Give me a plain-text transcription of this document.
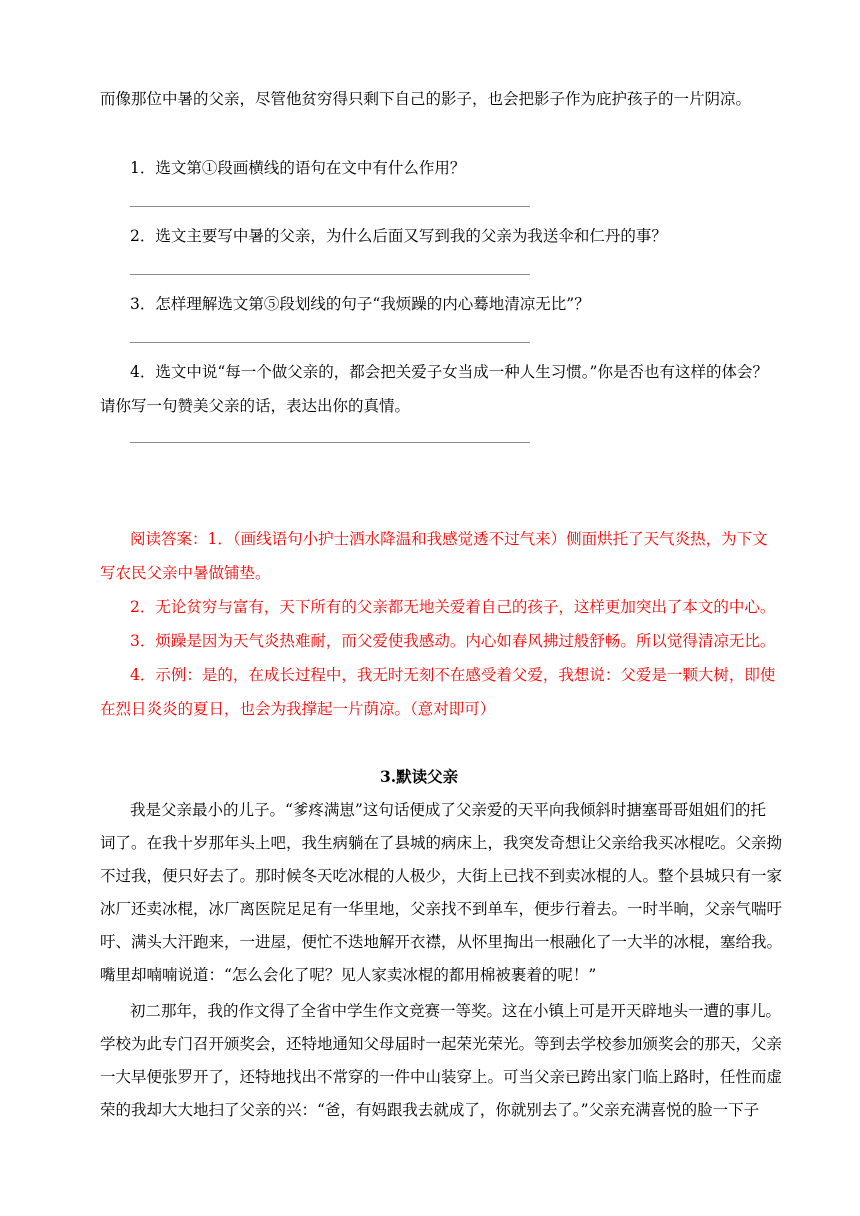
而像那位中暑的父亲，尽管他贫穷得只剩下自己的影子，也会把影子作为庇护孩子的一片阴凉。
1．选文第①段画横线的语句在文中有什么作用？
2．选文主要写中暑的父亲，为什么后面又写到我的父亲为我送伞和仁丹的事？
3．怎样理解选文第⑤段划线的句子“我烦躁的内心蓦地清凉无比”？
4．选文中说“每一个做父亲的，都会把关爱子女当成一种人生习惯。”你是否也有这样的体会？
请你写一句赞美父亲的话，表达出你的真情。
阅读答案：1．（画线语句小护士洒水降温和我感觉透不过气来）侧面烘托了天气炎热，为下文
写农民父亲中暑做铺垫。
2．无论贫穷与富有，天下所有的父亲都无地关爱着自己的孩子，这样更加突出了本文的中心。
3．烦躁是因为天气炎热难耐，而父爱使我感动。内心如春风拂过般舒畅。所以觉得清凉无比。
4．示例：是的，在成长过程中，我无时无刻不在感受着父爱，我想说：父爱是一颗大树，即使
在烈日炎炎的夏日，也会为我撑起一片荫凉。（意对即可）
3.默读父亲
我是父亲最小的儿子。“爹疼满崽”这句话便成了父亲爱的天平向我倾斜时搪塞哥哥姐姐们的托
词了。在我十岁那年头上吧，我生病躺在了县城的病床上，我突发奇想让父亲给我买冰棍吃。父亲拗
不过我，便只好去了。那时候冬天吃冰棍的人极少，大街上已找不到卖冰棍的人。整个县城只有一家
冰厂还卖冰棍，冰厂离医院足足有一华里地，父亲找不到单车，便步行着去。一时半晌，父亲气喘吁
吁、满头大汗跑来，一进屋，便忙不迭地解开衣襟，从怀里掏出一根融化了一大半的冰棍，塞给我。
嘴里却喃喃说道：“怎么会化了呢？见人家卖冰棍的都用棉被裹着的呢！”
初二那年，我的作文得了全省中学生作文竞赛一等奖。这在小镇上可是开天辟地头一遭的事儿。
学校为此专门召开颁奖会，还特地通知父母届时一起荣光荣光。等到去学校参加颁奖会的那天，父亲
一大早便张罗开了，还特地找出不常穿的一件中山装穿上。可当父亲已跨出家门临上路时，任性而虚
荣的我却大大地扫了父亲的兴：“爸，有妈跟我去就成了，你就别去了。”父亲充满喜悦的脸一下子
